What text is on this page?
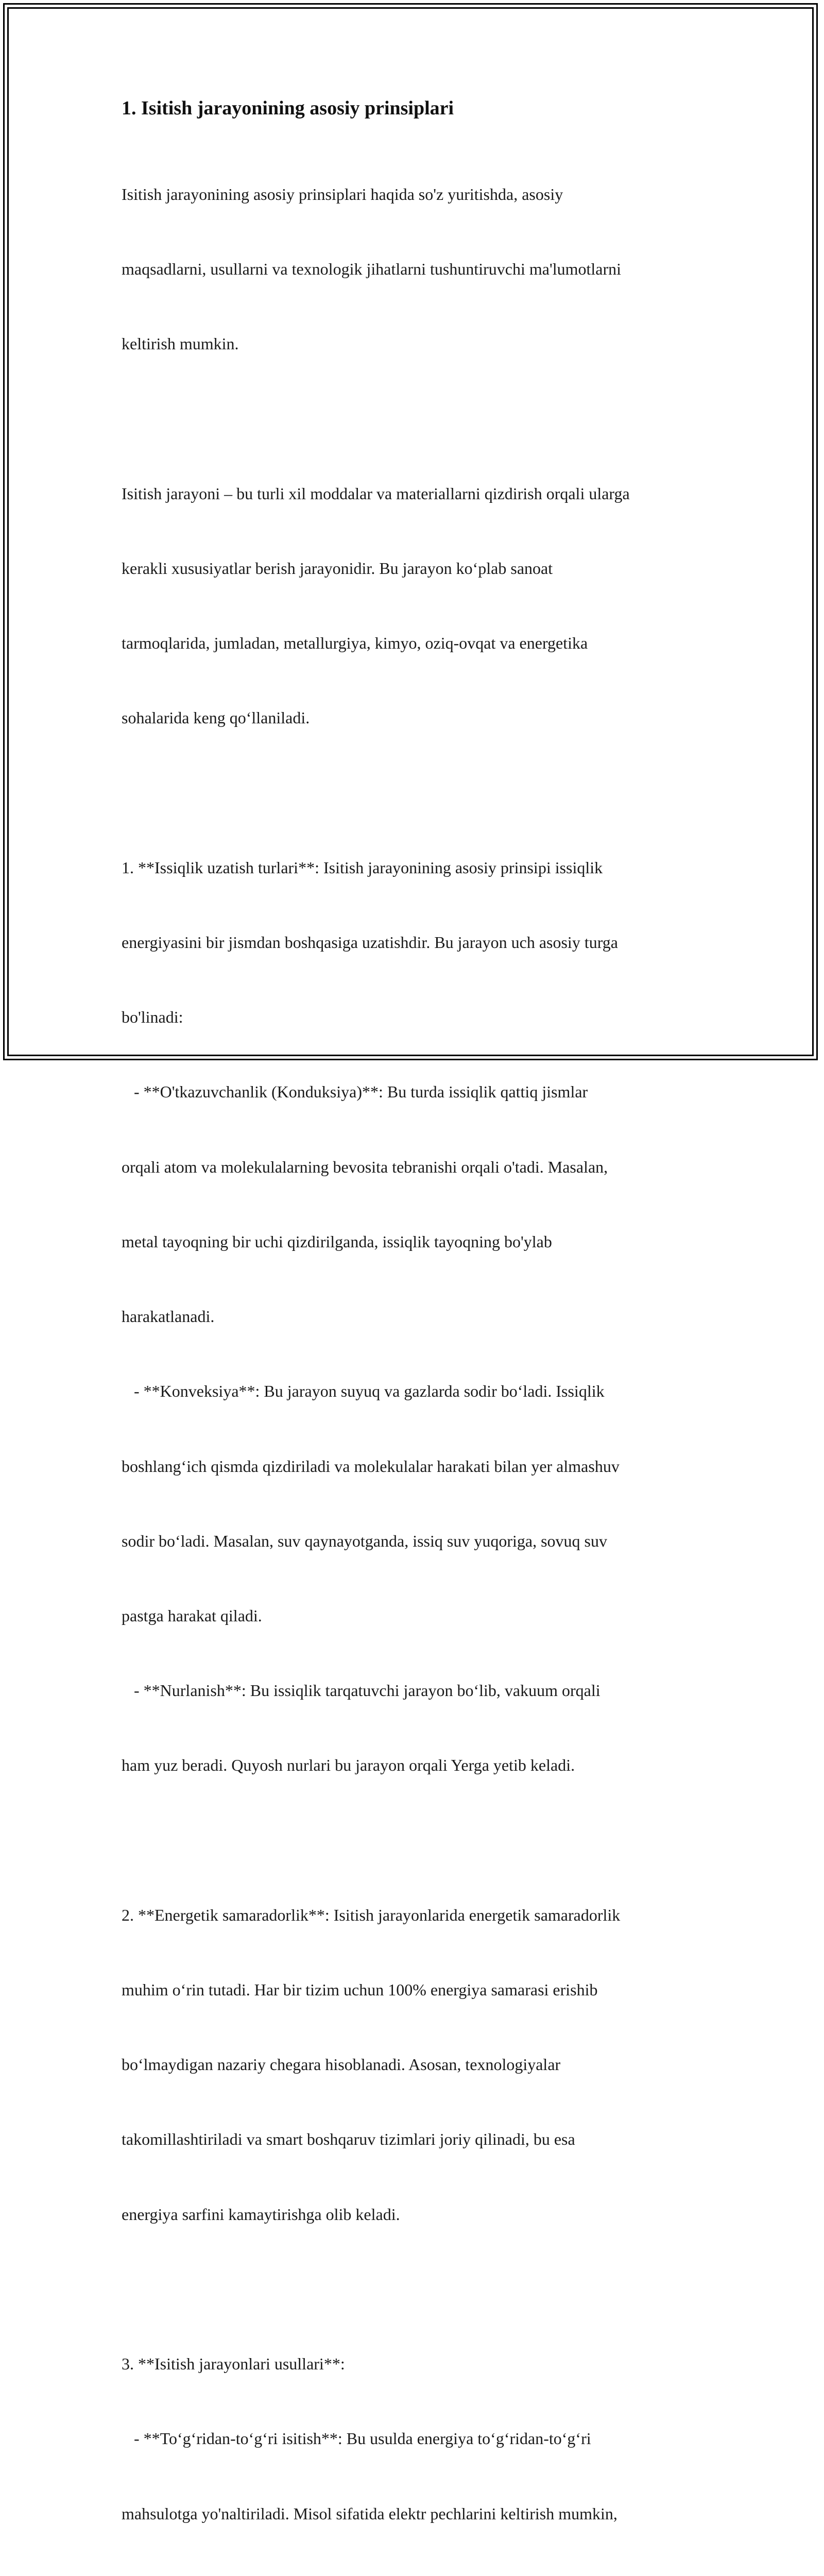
1. Isitish jarayonining asosiy prinsiplari

Isitish jarayonining asosiy prinsiplari haqida so'z yuritishda, asosiy

maqsadlarni, usullarni va texnologik jihatlarni tushuntiruvchi ma'lumotlarni

keltirish mumkin.

Isitish jarayoni – bu turli xil moddalar va materiallarni qizdirish orqali ularga

kerakli xususiyatlar berish jarayonidir. Bu jarayon ko‘plab sanoat

tarmoqlarida, jumladan, metallurgiya, kimyo, oziq-ovqat va energetika

sohalarida keng qo‘llaniladi.

1. **Issiqlik uzatish turlari**: Isitish jarayonining asosiy prinsipi issiqlik

energiyasini bir jismdan boshqasiga uzatishdir. Bu jarayon uch asosiy turga

bo'linadi:

- **O'tkazuvchanlik (Konduksiya)**: Bu turda issiqlik qattiq jismlar

orqali atom va molekulalarning bevosita tebranishi orqali o'tadi. Masalan,

metal tayoqning bir uchi qizdirilganda, issiqlik tayoqning bo'ylab

harakatlanadi.

- **Konveksiya**: Bu jarayon suyuq va gazlarda sodir bo‘ladi. Issiqlik

boshlang‘ich qismda qizdiriladi va molekulalar harakati bilan yer almashuv

sodir bo‘ladi. Masalan, suv qaynayotganda, issiq suv yuqoriga, sovuq suv

pastga harakat qiladi.

- **Nurlanish**: Bu issiqlik tarqatuvchi jarayon bo‘lib, vakuum orqali

ham yuz beradi. Quyosh nurlari bu jarayon orqali Yerga yetib keladi.

2. **Energetik samaradorlik**: Isitish jarayonlarida energetik samaradorlik

muhim o‘rin tutadi. Har bir tizim uchun 100% energiya samarasi erishib

bo‘lmaydigan nazariy chegara hisoblanadi. Asosan, texnologiyalar

takomillashtiriladi va smart boshqaruv tizimlari joriy qilinadi, bu esa

energiya sarfini kamaytirishga olib keladi.

3. **Isitish jarayonlari usullari**:

- **To‘g‘ridan-to‘g‘ri isitish**: Bu usulda energiya to‘g‘ridan-to‘g‘ri

mahsulotga yo'naltiriladi. Misol sifatida elektr pechlarini keltirish mumkin,
